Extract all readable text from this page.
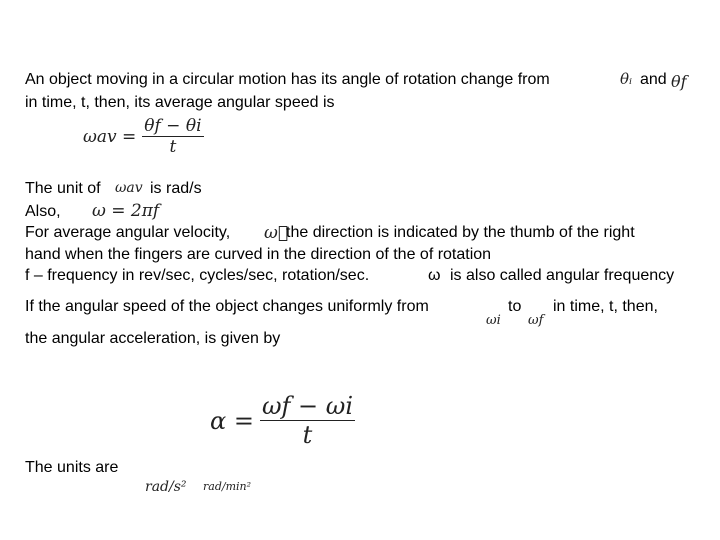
An object moving in a circular motion has its angle of rotation change from	θᵢ and θf
in time, t, then, its average angular speed is
$\omega av = \frac{\theta f - \theta i}{t}$
The unit of ωav is rad/s
Also, ω = 2πf
For average angular velocity, ω⃗
the direction is indicated by the thumb of the right
hand when the fingers are curved in the direction of the of rotation
f – frequency in rev/sec, cycles/sec, rotation/sec.	ω is also called angular frequency
If the angular speed of the object changes uniformly from	to in time, t, then,
ωi ωf
the angular acceleration, is given by
$\alpha = \frac{\omega f - \omega i}{t}$
The units are
rad/s² rad/min²
